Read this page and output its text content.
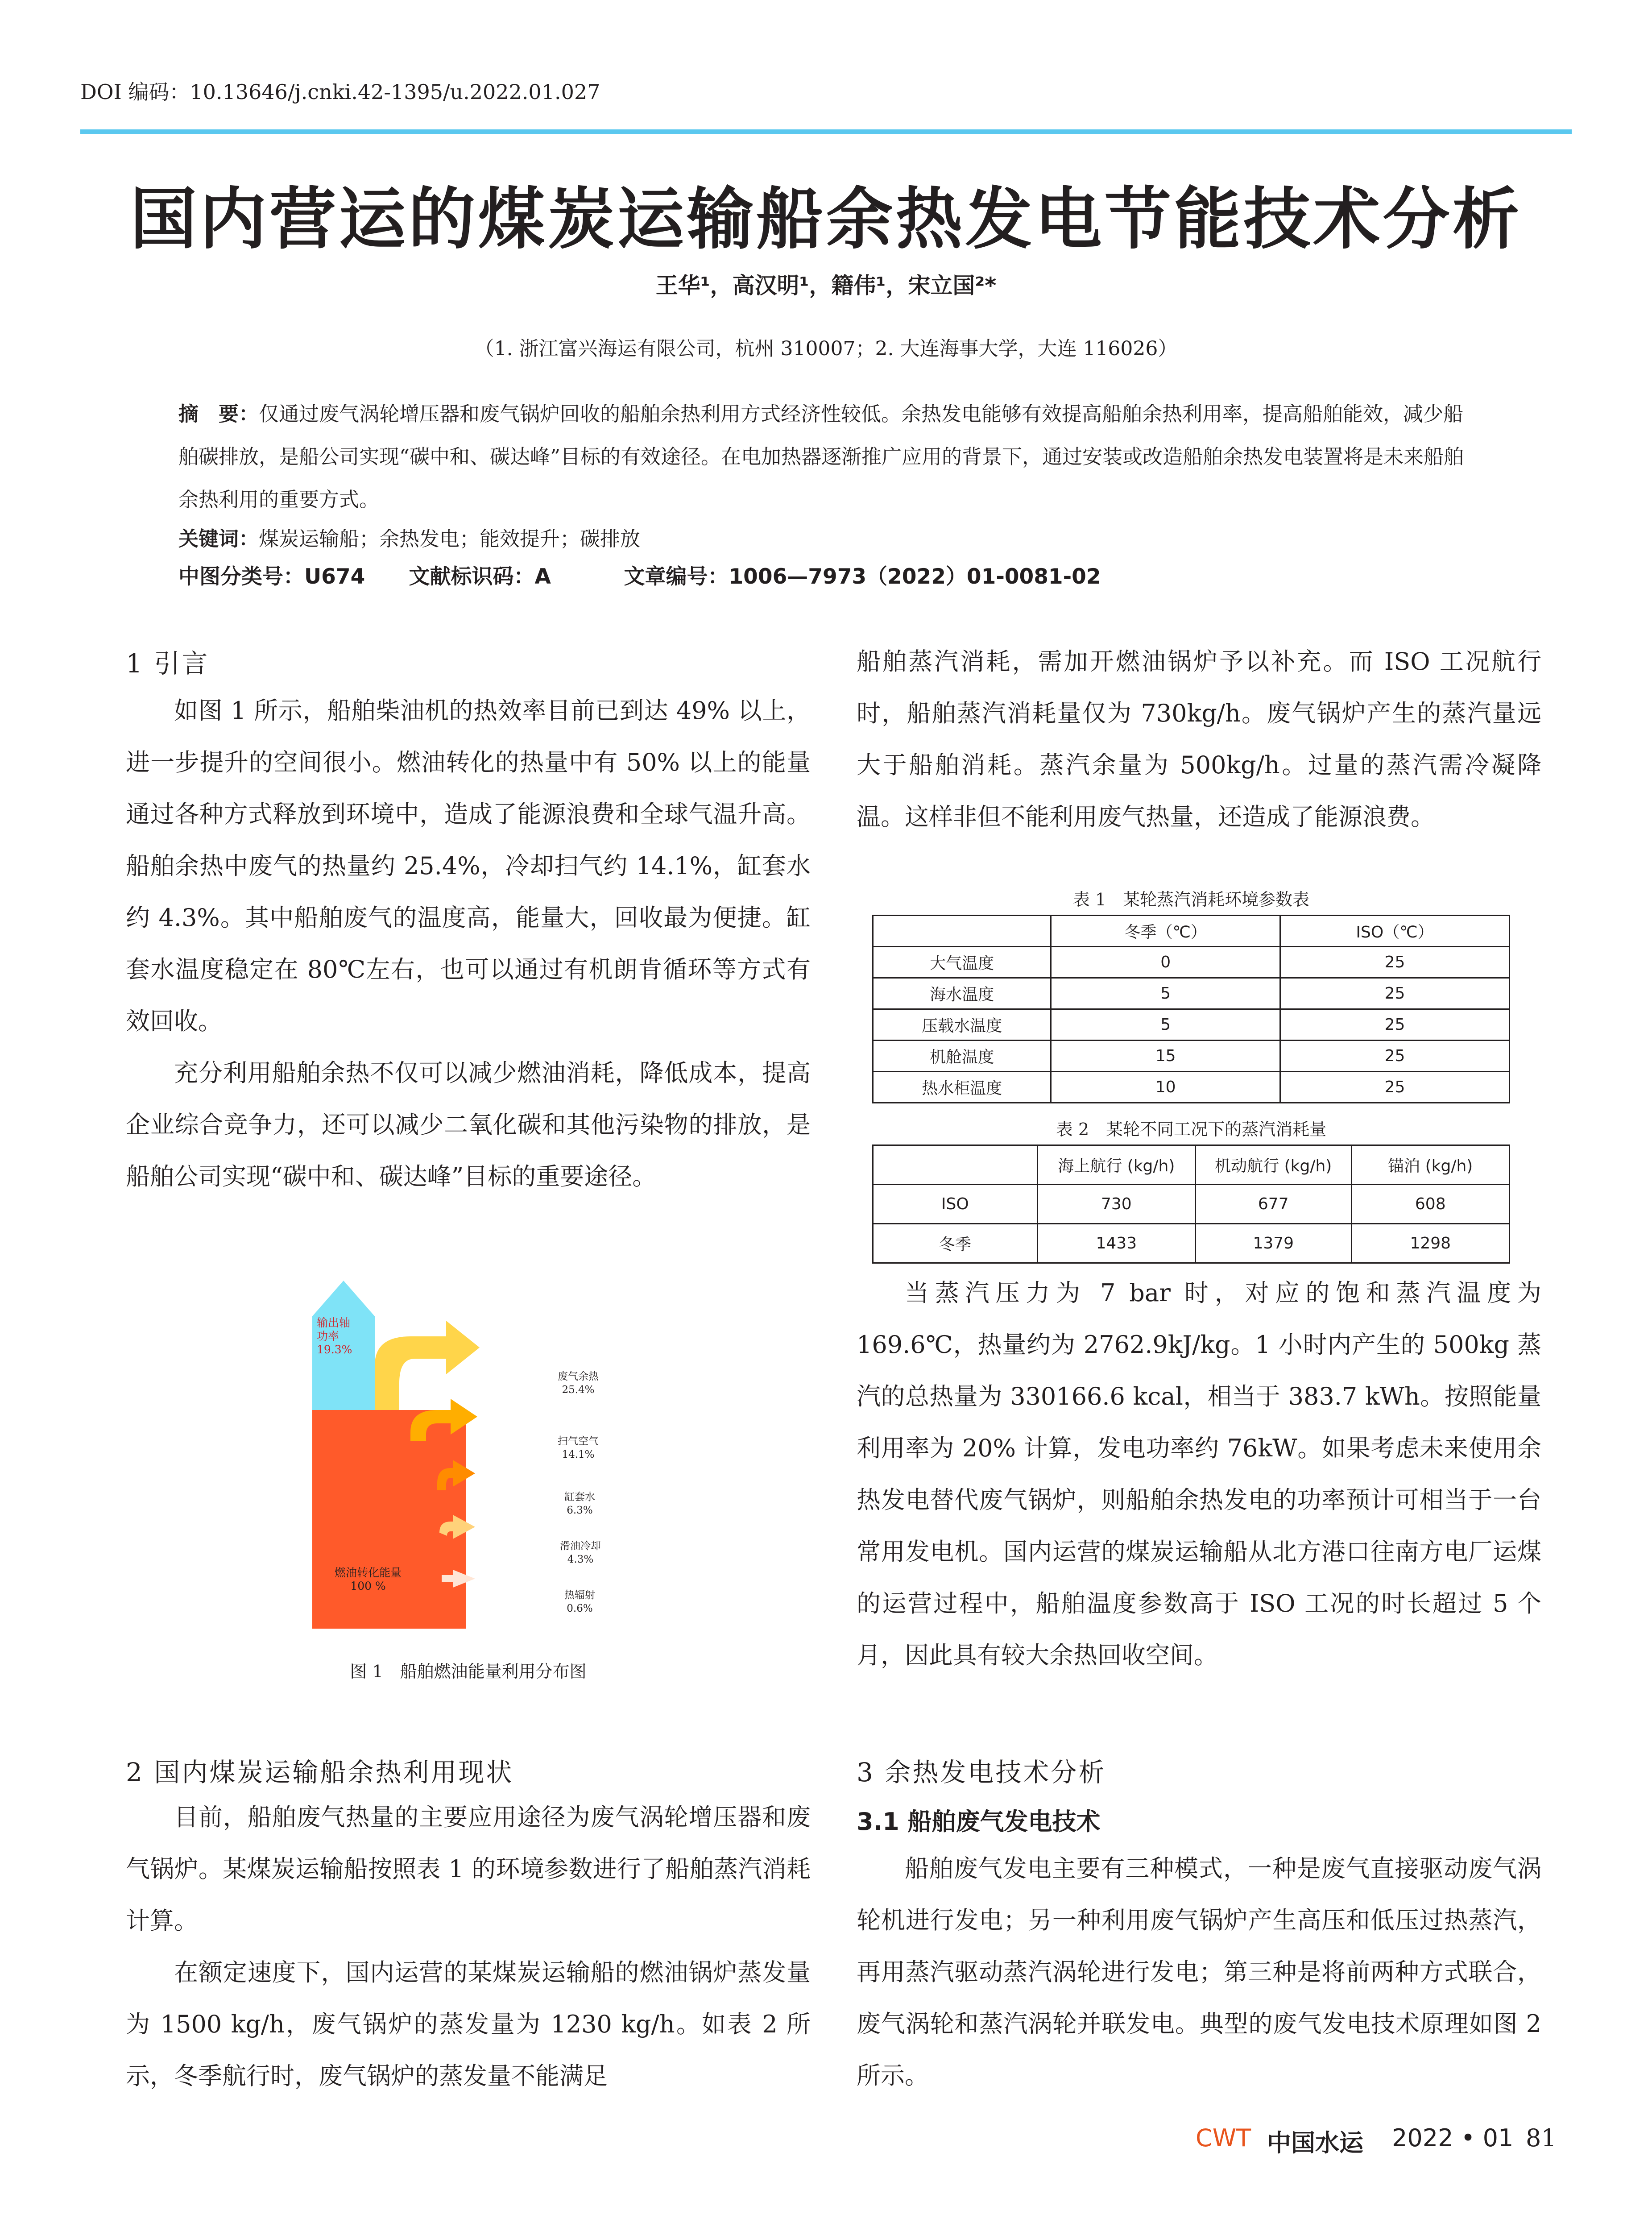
DOI 编码：10.13646/j.cnki.42-1395/u.2022.01.027
国内营运的煤炭运输船余热发电节能技术分析
王华¹，高汉明¹，籍伟¹，宋立国²*
（1. 浙江富兴海运有限公司，杭州 310007；2. 大连海事大学，大连 116026）
摘　要：仅通过废气涡轮增压器和废气锅炉回收的船舶余热利用方式经济性较低。余热发电能够有效提高船舶余热利用率，提高船舶能效，减少船舶碳排放，是船公司实现“碳中和、碳达峰”目标的有效途径。在电加热器逐渐推广应用的背景下，通过安装或改造船舶余热发电装置将是未来船舶余热利用的重要方式。
关键词：煤炭运输船；余热发电；能效提升；碳排放
中图分类号：U674 文献标识码：A	文章编号：1006—7973（2022）01-0081-02
1 引言

如图 1 所示，船舶柴油机的热效率目前已到达 49% 以上，进一步提升的空间很小。燃油转化的热量中有 50% 以上的能量通过各种方式释放到环境中，造成了能源浪费和全球气温升高。船舶余热中废气的热量约 25.4%，冷却扫气约 14.1%，缸套水约 4.3%。其中船舶废气的温度高，能量大，回收最为便捷。缸套水温度稳定在 80℃左右，也可以通过有机朗肯循环等方式有效回收。

充分利用船舶余热不仅可以减少燃油消耗，降低成本，提高企业综合竞争力，还可以减少二氧化碳和其他污染物的排放，是船舶公司实现“碳中和、碳达峰”目标的重要途径。

输出轴
功率
19.3%
燃油转化能量
100 %
废气余热
25.4%
扫气空气
14.1%
缸套水
6.3%
滑油冷却
4.3%
热辐射
0.6%
图 1　船舶燃油能量利用分布图
2 国内煤炭运输船余热利用现状

目前，船舶废气热量的主要应用途径为废气涡轮增压器和废气锅炉。某煤炭运输船按照表 1 的环境参数进行了船舶蒸汽消耗计算。

在额定速度下，国内运营的某煤炭运输船的燃油锅炉蒸发量为 1500 kg/h，废气锅炉的蒸发量为 1230 kg/h。如表 2 所示，冬季航行时，废气锅炉的蒸发量不能满足

船舶蒸汽消耗，需加开燃油锅炉予以补充。而 ISO 工况航行时，船舶蒸汽消耗量仅为 730kg/h。废气锅炉产生的蒸汽量远大于船舶消耗。蒸汽余量为 500kg/h。过量的蒸汽需冷凝降温。这样非但不能利用废气热量，还造成了能源浪费。

表 1　某轮蒸汽消耗环境参数表
	冬季（℃）	ISO（℃）
大气温度	0	25
海水温度	5	25
压载水温度	5	25
机舱温度	15	25
热水柜温度	10	25
表 2　某轮不同工况下的蒸汽消耗量
	海上航行 (kg/h)	机动航行 (kg/h)	锚泊 (kg/h)
ISO	730	677	608
冬季	1433	1379	1298

当蒸汽压力为 7 bar 时，对应的饱和蒸汽温度为 169.6℃，热量约为 2762.9kJ/kg。1 小时内产生的 500kg 蒸汽的总热量为 330166.6 kcal，相当于 383.7 kWh。按照能量利用率为 20% 计算，发电功率约 76kW。如果考虑未来使用余热发电替代废气锅炉，则船舶余热发电的功率预计可相当于一台常用发电机。国内运营的煤炭运输船从北方港口往南方电厂运煤的运营过程中，船舶温度参数高于 ISO 工况的时长超过 5 个月，因此具有较大余热回收空间。

3 余热发电技术分析
3.1 船舶废气发电技术

船舶废气发电主要有三种模式，一种是废气直接驱动废气涡轮机进行发电；另一种利用废气锅炉产生高压和低压过热蒸汽，再用蒸汽驱动蒸汽涡轮进行发电；第三种是将前两种方式联合，废气涡轮和蒸汽涡轮并联发电。典型的废气发电技术原理如图 2 所示。

CWT 中国水运 2022 • 01 81
